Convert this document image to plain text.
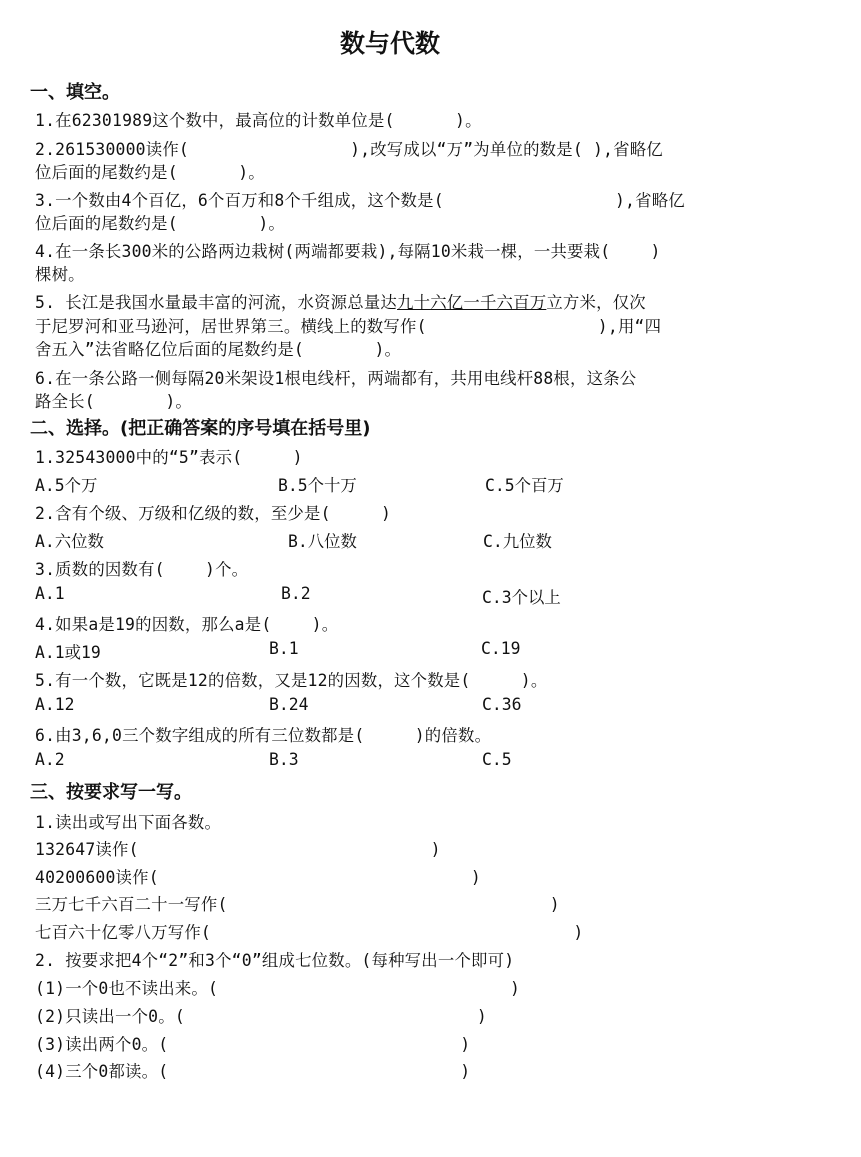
数与代数
一、填空。
1.在62301989这个数中，最高位的计数单位是(      )。
2.261530000读作(                ),改写成以“万”为单位的数是( ),省略亿
位后面的尾数约是(      )。
3.一个数由4个百亿，6个百万和8个千组成，这个数是(                 ),省略亿
位后面的尾数约是(        )。
4.在一条长300米的公路两边栽树(两端都要栽),每隔10米栽一棵，一共要栽(    )
棵树。
5. 长江是我国水量最丰富的河流，水资源总量达九十六亿一千六百万立方米，仅次
于尼罗河和亚马逊河，居世界第三。横线上的数写作(                 ),用“四
舍五入”法省略亿位后面的尾数约是(       )。
6.在一条公路一侧每隔20米架设1根电线杆，两端都有，共用电线杆88根，这条公
路全长(       )。
二、选择。(把正确答案的序号填在括号里)
1.32543000中的“5”表示(     )
A.5个万	B.5个十万	C.5个百万
2.含有个级、万级和亿级的数，至少是(     )
A.六位数	B.八位数	C.九位数
3.质数的因数有(    )个。
A.1	B.2	C.3个以上
4.如果a是19的因数，那么a是(    )。
A.1或19	B.1	C.19
5.有一个数，它既是12的倍数，又是12的因数，这个数是(     )。
A.12	B.24	C.36
6.由3,6,0三个数字组成的所有三位数都是(     )的倍数。
A.2	B.3	C.5
三、按要求写一写。
1.读出或写出下面各数。
132647读作(                             )
40200600读作(                               )
三万七千六百二十一写作(                                )
七百六十亿零八万写作(                                    )
2. 按要求把4个“2”和3个“0”组成七位数。(每种写出一个即可)
(1)一个0也不读出来。(                             )
(2)只读出一个0。(                             )
(3)读出两个0。(                             )
(4)三个0都读。(                             )
